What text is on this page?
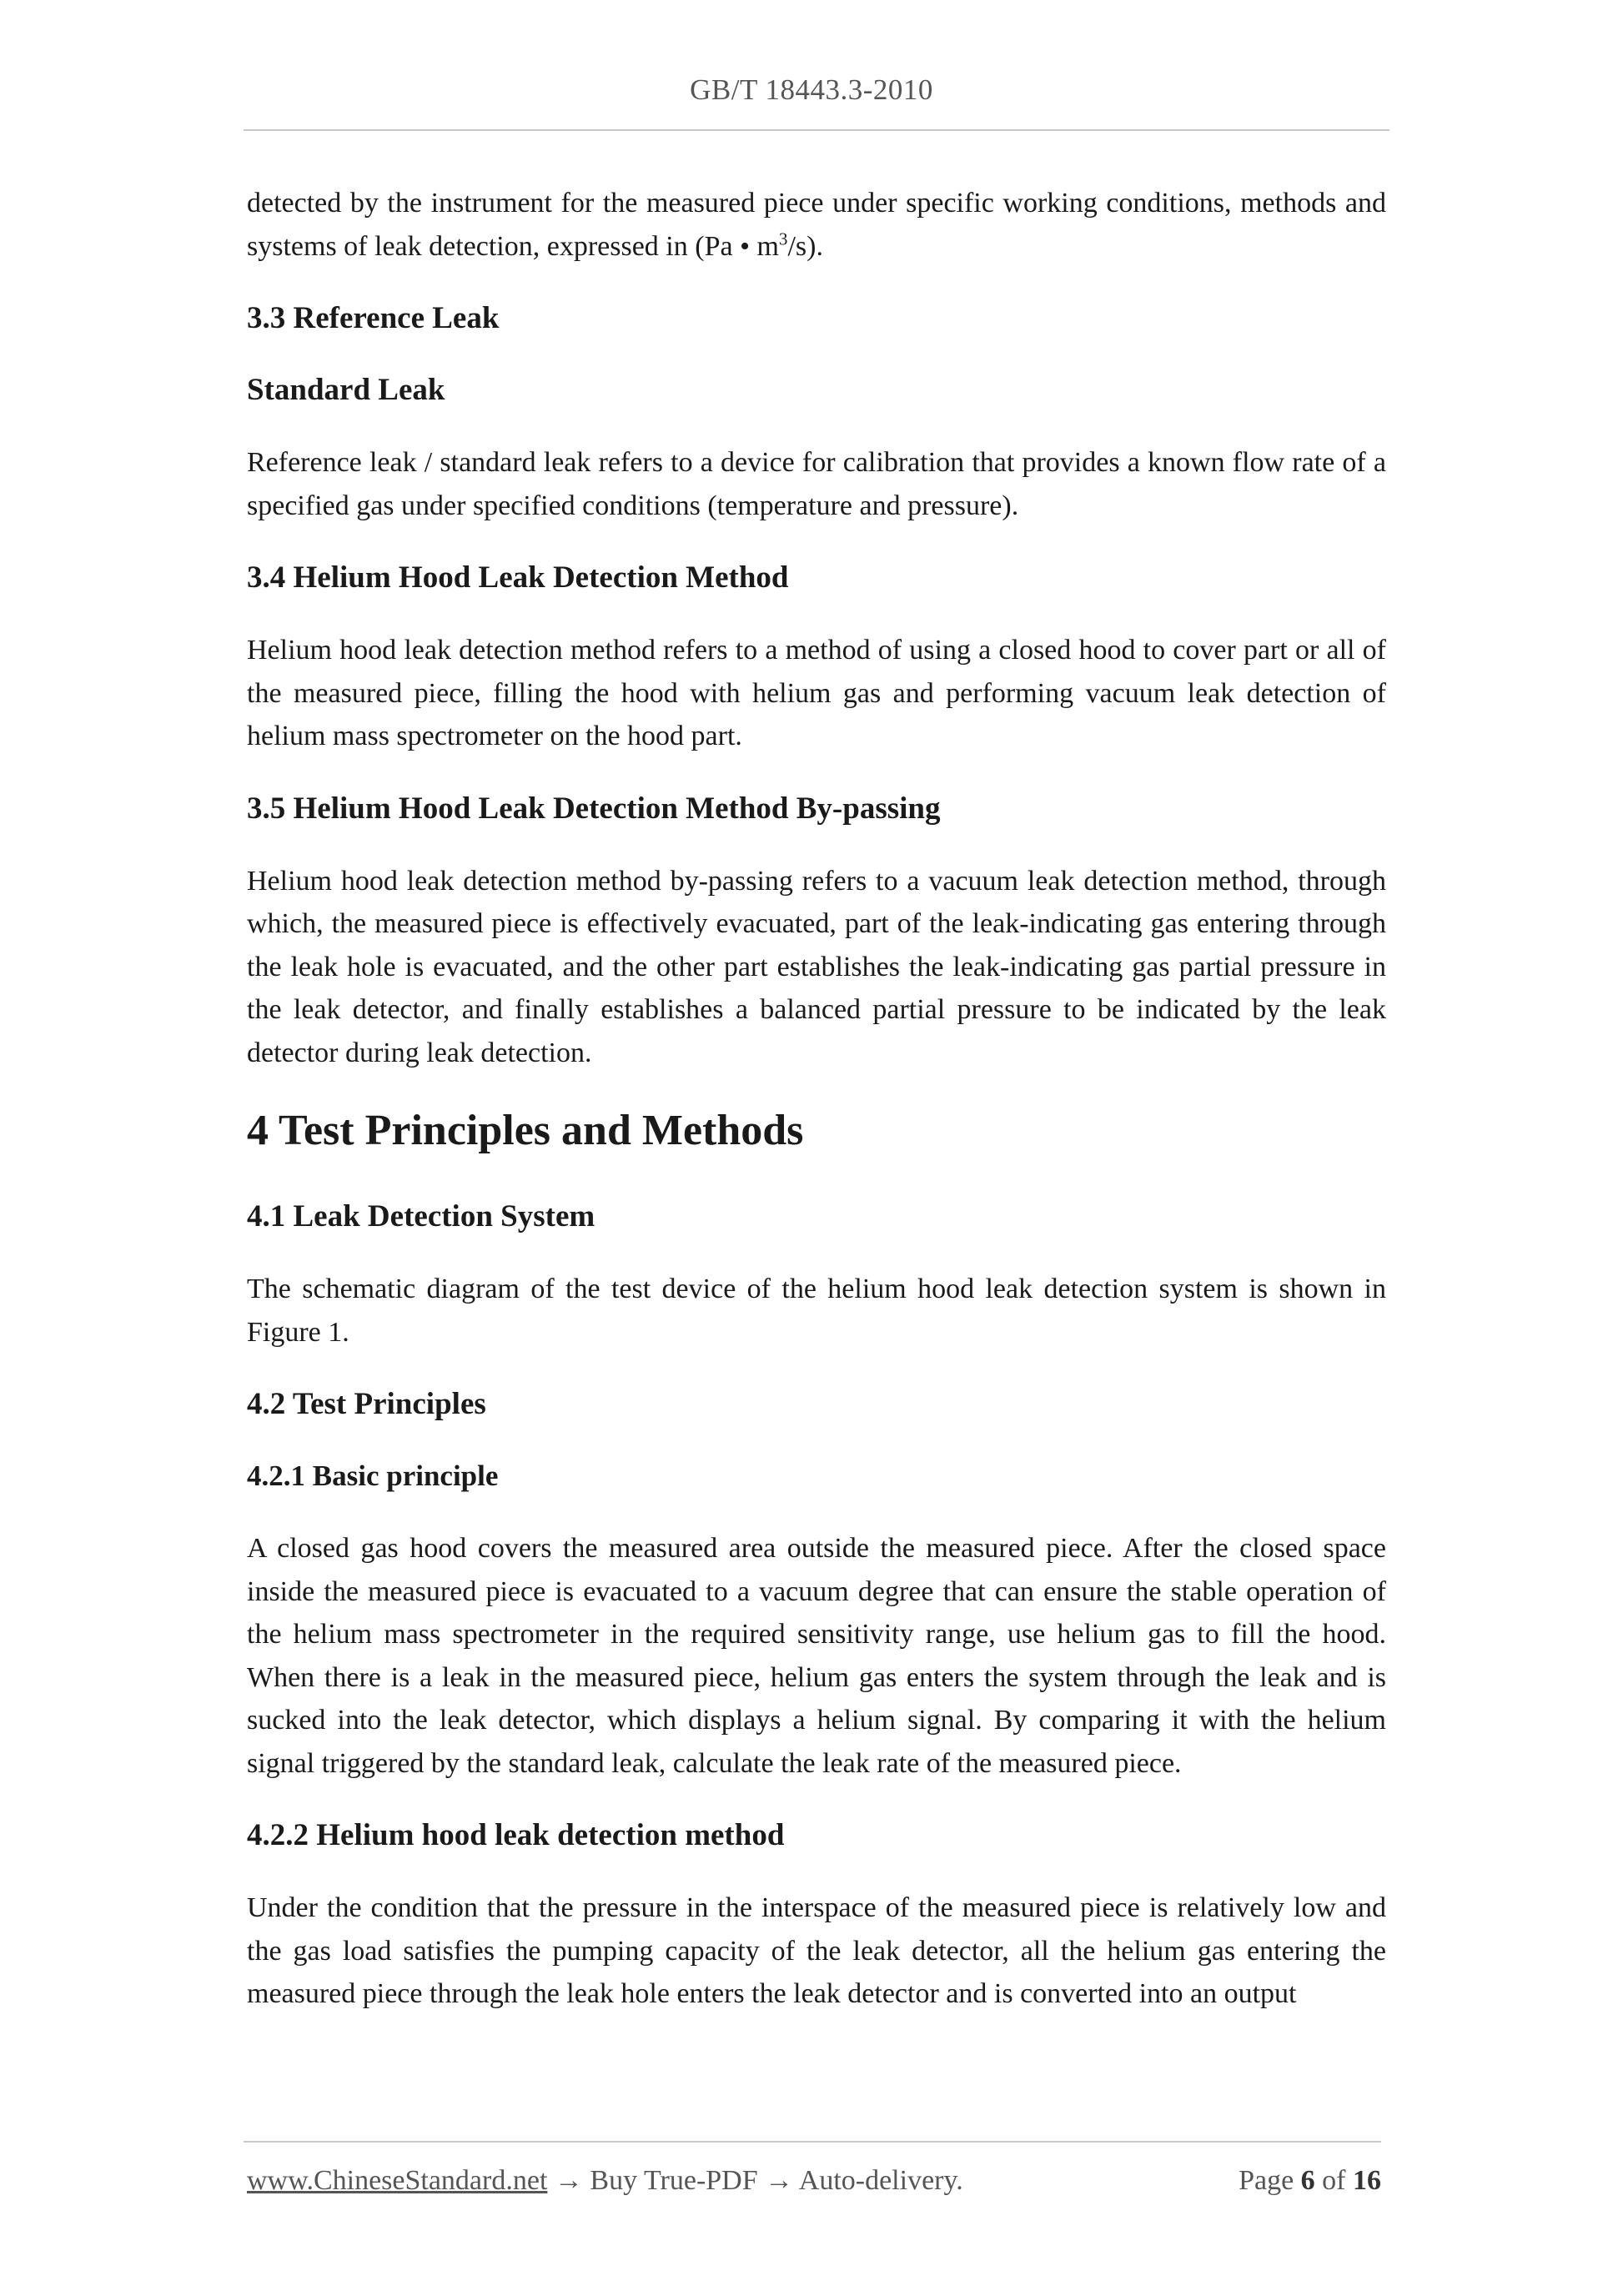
GB/T 18443.3-2010

detected by the instrument for the measured piece under specific working conditions, methods and systems of leak detection, expressed in (Pa • $m^3/s$).

3.3 Reference Leak
Standard Leak

Reference leak / standard leak refers to a device for calibration that provides a known flow rate of a specified gas under specified conditions (temperature and pressure).

3.4 Helium Hood Leak Detection Method

Helium hood leak detection method refers to a method of using a closed hood to cover part or all of the measured piece, filling the hood with helium gas and performing vacuum leak detection of helium mass spectrometer on the hood part.

3.5 Helium Hood Leak Detection Method By-passing

Helium hood leak detection method by-passing refers to a vacuum leak detection method, through which, the measured piece is effectively evacuated, part of the leak-indicating gas entering through the leak hole is evacuated, and the other part establishes the leak-indicating gas partial pressure in the leak detector, and finally establishes a balanced partial pressure to be indicated by the leak detector during leak detection.

4 Test Principles and Methods
4.1 Leak Detection System

The schematic diagram of the test device of the helium hood leak detection system is shown in Figure 1.

4.2 Test Principles
4.2.1 Basic principle

A closed gas hood covers the measured area outside the measured piece. After the closed space inside the measured piece is evacuated to a vacuum degree that can ensure the stable operation of the helium mass spectrometer in the required sensitivity range, use helium gas to fill the hood. When there is a leak in the measured piece, helium gas enters the system through the leak and is sucked into the leak detector, which displays a helium signal. By comparing it with the helium signal triggered by the standard leak, calculate the leak rate of the measured piece.

4.2.2 Helium hood leak detection method

Under the condition that the pressure in the interspace of the measured piece is relatively low and the gas load satisfies the pumping capacity of the leak detector, all the helium gas entering the measured piece through the leak hole enters the leak detector and is converted into an output

www.ChineseStandard.net → Buy True-PDF → Auto-delivery.	Page 6 of 16
